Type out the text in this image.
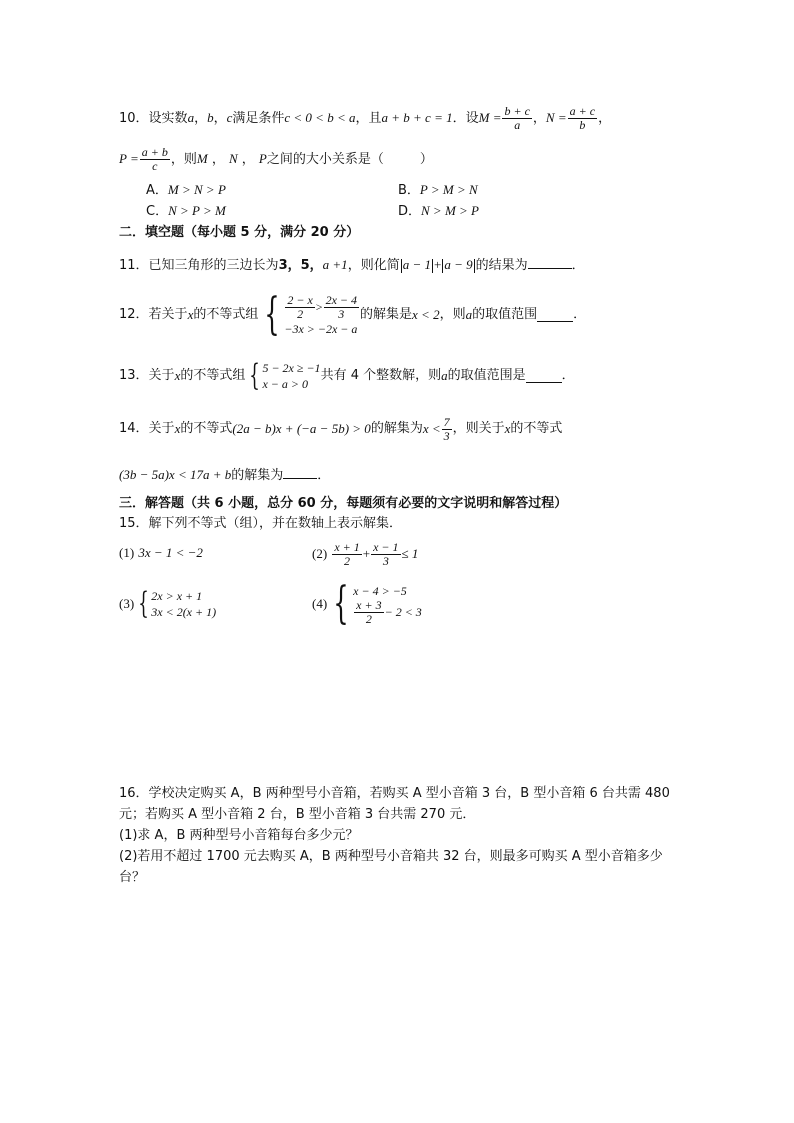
10．设实数a，b，c满足条件c < 0 < b < a，且a + b + c = 1．设$M = \frac{b + c}{a}$ ，$N = \frac{a + c}{b}$ ，
$P = \frac{a + b}{c}$ ，则M ， N ， P之间的大小关系是（	）
A．M > N > P	B．P > M > N
C．N > P > M	D．N > M > P
二．填空题（每小题 5 分，满分 20 分）
11．已知三角形的三边长为3，5，a +1，则化简 a − 1 + a − 9 的结果为	．
12． 若关于 x 的不等式组 { $\frac{2 - x}{2} > \frac{2x - 4}{3}$
−3x > −2x − a
的解集是 x < 2 ，则 a 的取值范围	．
13． 关于 x 的不等式组 { 5 − 2x ≥ −1
x − a > 0
共有 4 个整数解，则 a 的取值范围是	．
14． 关于 x 的不等式 (2a − b)x + (−a − 5b) > 0 的解集为 $x < \frac{7}{3}$ ，则关于 x 的不等式
(3b − 5a)x < 17a + b的解集为	．
三．解答题（共 6 小题，总分 60 分，每题须有必要的文字说明和解答过程）
15．解下列不等式（组），并在数轴上表示解集．
(1) 3x − 1 < −2	(2)
$\frac{x + 1}{2} + \frac{x - 1}{3} \le 1$
(3) { 2x > x + 1
3x < 2(x + 1)
(4) { x − 4 > −5
$\frac{x + 3}{2} - 2 < 3$
16．学校决定购买 A，B 两种型号小音箱，若购买 A 型小音箱 3 台，B 型小音箱 6 台共需 480
元；若购买 A 型小音箱 2 台，B 型小音箱 3 台共需 270 元．
(1)求 A，B 两种型号小音箱每台多少元？
(2)若用不超过 1700 元去购买 A，B 两种型号小音箱共 32 台，则最多可购买 A 型小音箱多少
台？
